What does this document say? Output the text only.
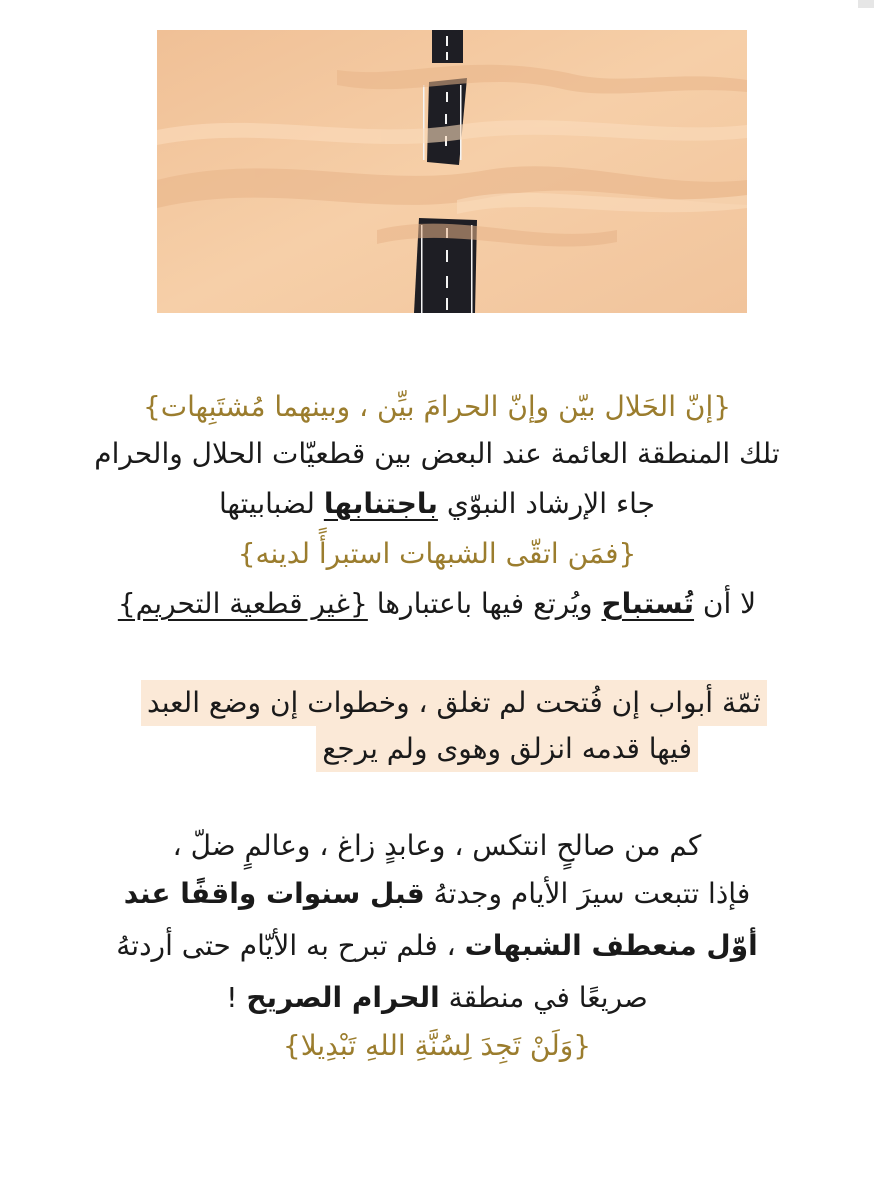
{إنّ الحَلال بيّن وإنّ الحرامَ بيِّن ، وبينهما مُشتَبِهات}
تلك المنطقة العائمة عند البعض بين قطعيّات الحلال والحرام
جاء الإرشاد النبوّي باجتنابها لضبابيتها
{فمَن اتقّى الشبهات استبرأً لدينه}
لا أن تُستباح ويُرتع فيها باعتبارها {غير قطعية التحريم}
ثمّة أبواب إن فُتحت لم تغلق ، وخطوات إن وضع العبد
فيها قدمه انزلق وهوى ولم يرجع
كم من صالحٍ انتكس ، وعابدٍ زاغ ، وعالمٍ ضلّ ،
فإذا تتبعت سيرَ الأيام وجدتهُ قبل سنوات واقفًا عند
أوّل منعطف الشبهات ، فلم تبرح به الأيّام حتى أردتهُ
صريعًا في منطقة الحرام الصريح !
{وَلَنْ تَجِدَ لِسُنَّةِ اللهِ تَبْدِيلا}
